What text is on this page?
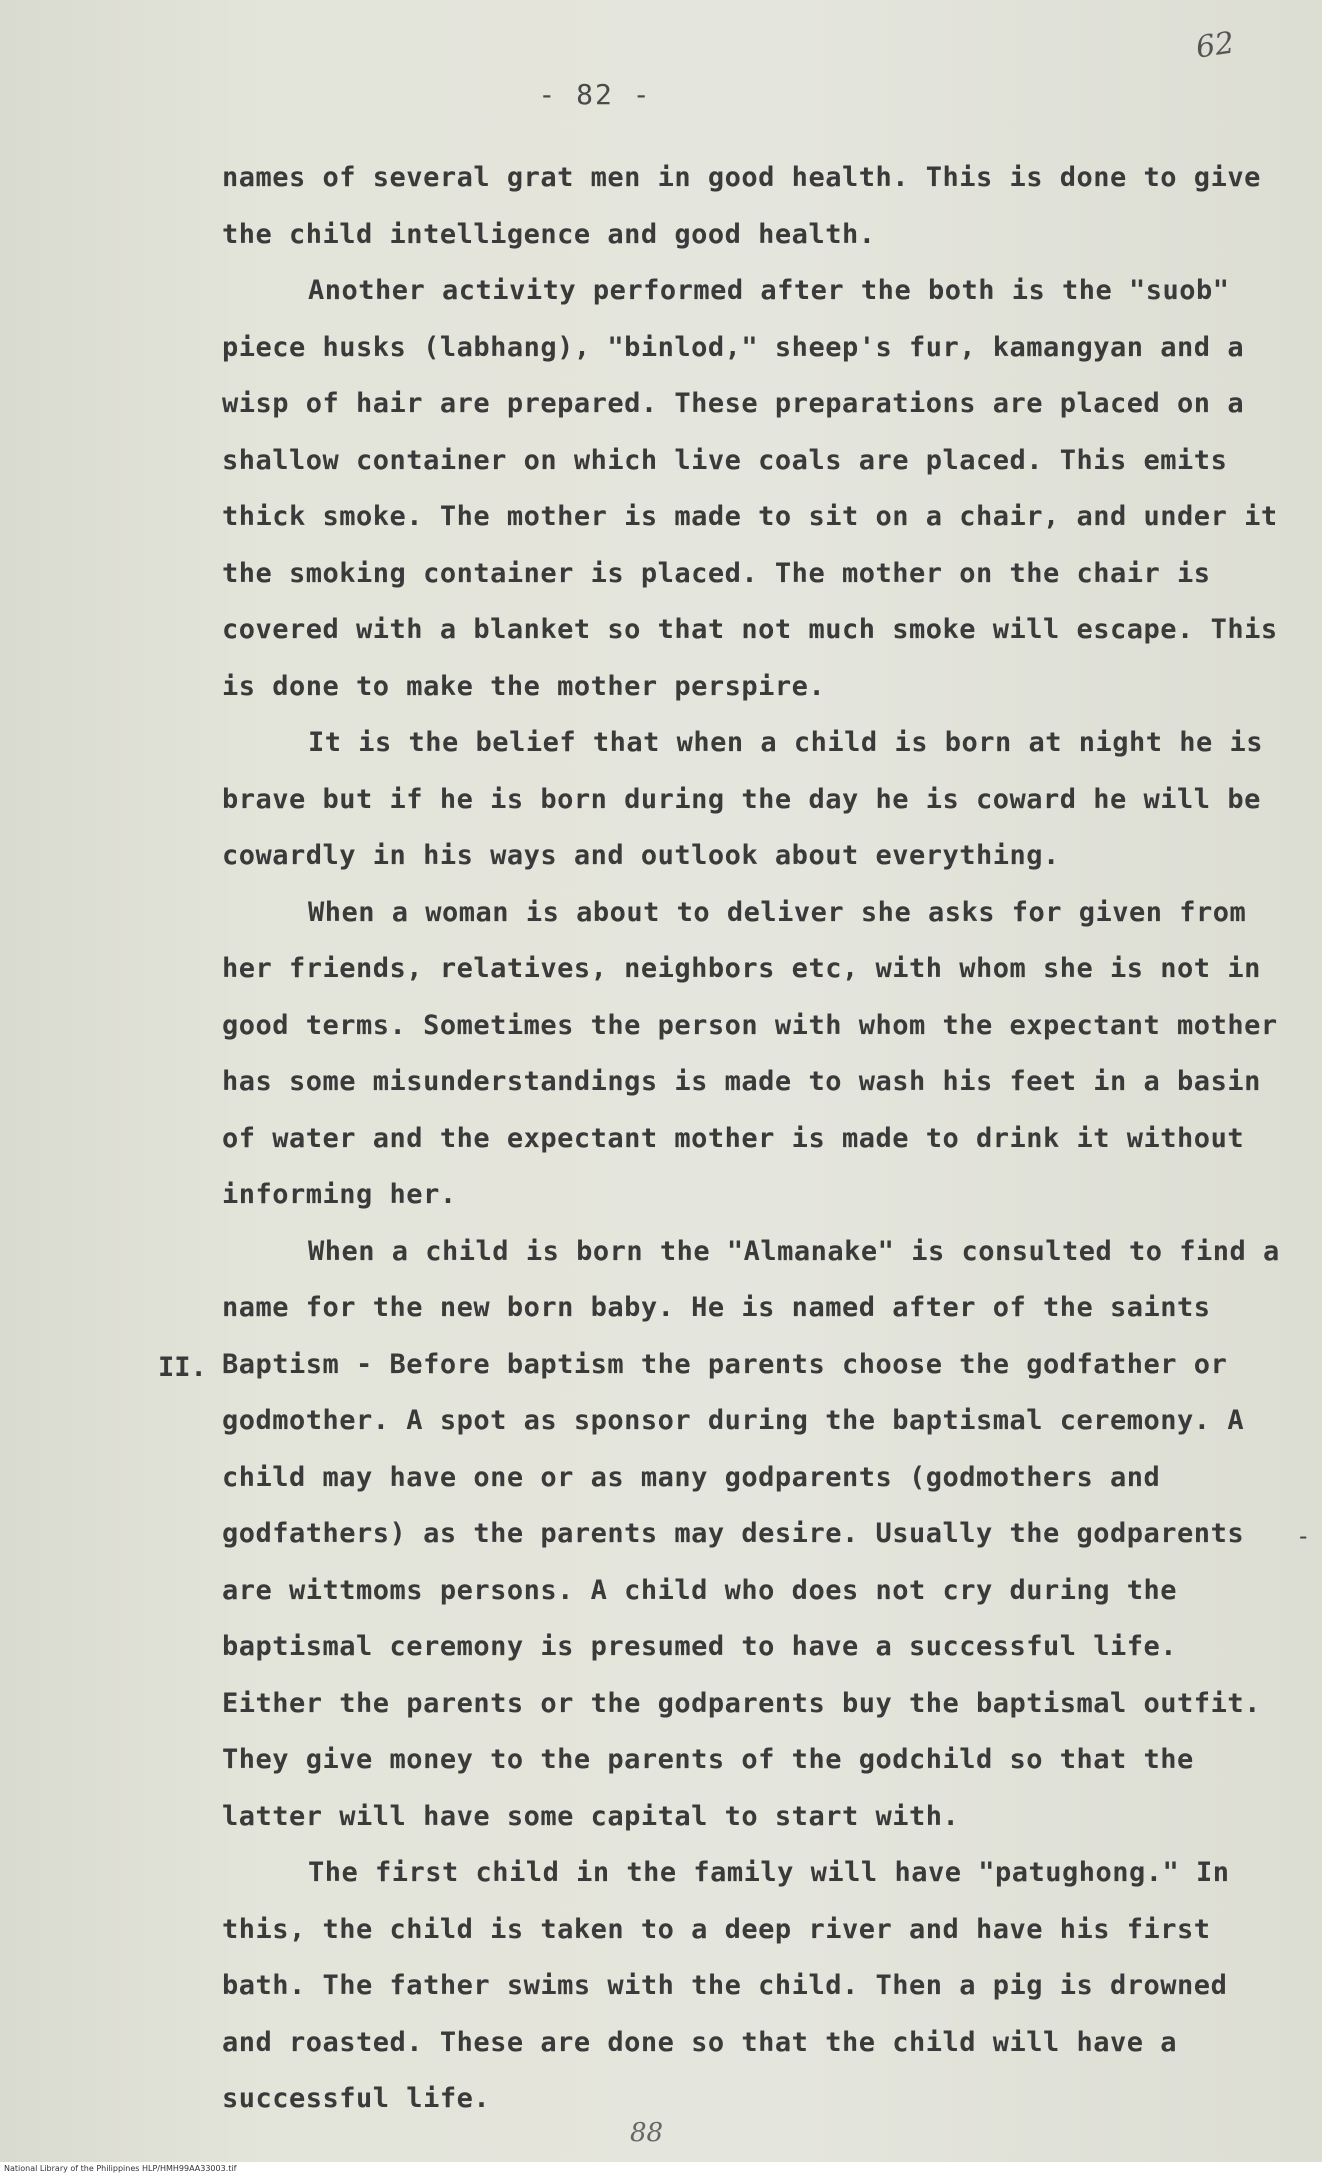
- 82 -
62

names of several grat men in good health. This is done to give the child intelligence and good health.

Another activity performed after the both is the "suob" piece husks (labhang), "binlod," sheep's fur, kamangyan and a wisp of hair are prepared. These preparations are placed on a shallow container on which live coals are placed. This emits thick smoke. The mother is made to sit on a chair, and under it the smoking container is placed. The mother on the chair is covered with a blanket so that not much smoke will escape. This is done to make the mother perspire.

It is the belief that when a child is born at night he is brave but if he is born during the day he is coward he will be cowardly in his ways and outlook about everything.

When a woman is about to deliver she asks for given from her friends, relatives, neighbors etc, with whom she is not in good terms. Sometimes the person with whom the expectant mother has some misunderstandings is made to wash his feet in a basin of water and the expectant mother is made to drink it without informing her.

When a child is born the "Almanake" is consulted to find a name for the new born baby. He is named after of the saints

Baptism - Before baptism the parents choose the godfather or godmother. A spot as sponsor during the baptismal ceremony. A child may have one or as many godparents (godmothers and godfathers) as the parents may desire. Usually the godparents are wittmoms persons. A child who does not cry during the baptismal ceremony is presumed to have a successful life. Either the parents or the godparents buy the baptismal outfit. They give money to the parents of the godchild so that the latter will have some capital to start with.

The first child in the family will have "patughong." In this, the child is taken to a deep river and have his first bath. The father swims with the child. Then a pig is drowned and roasted. These are done so that the child will have a successful life.

II.
-
88
National Library of the Philippines HLP/HMH99AA33003.tif
